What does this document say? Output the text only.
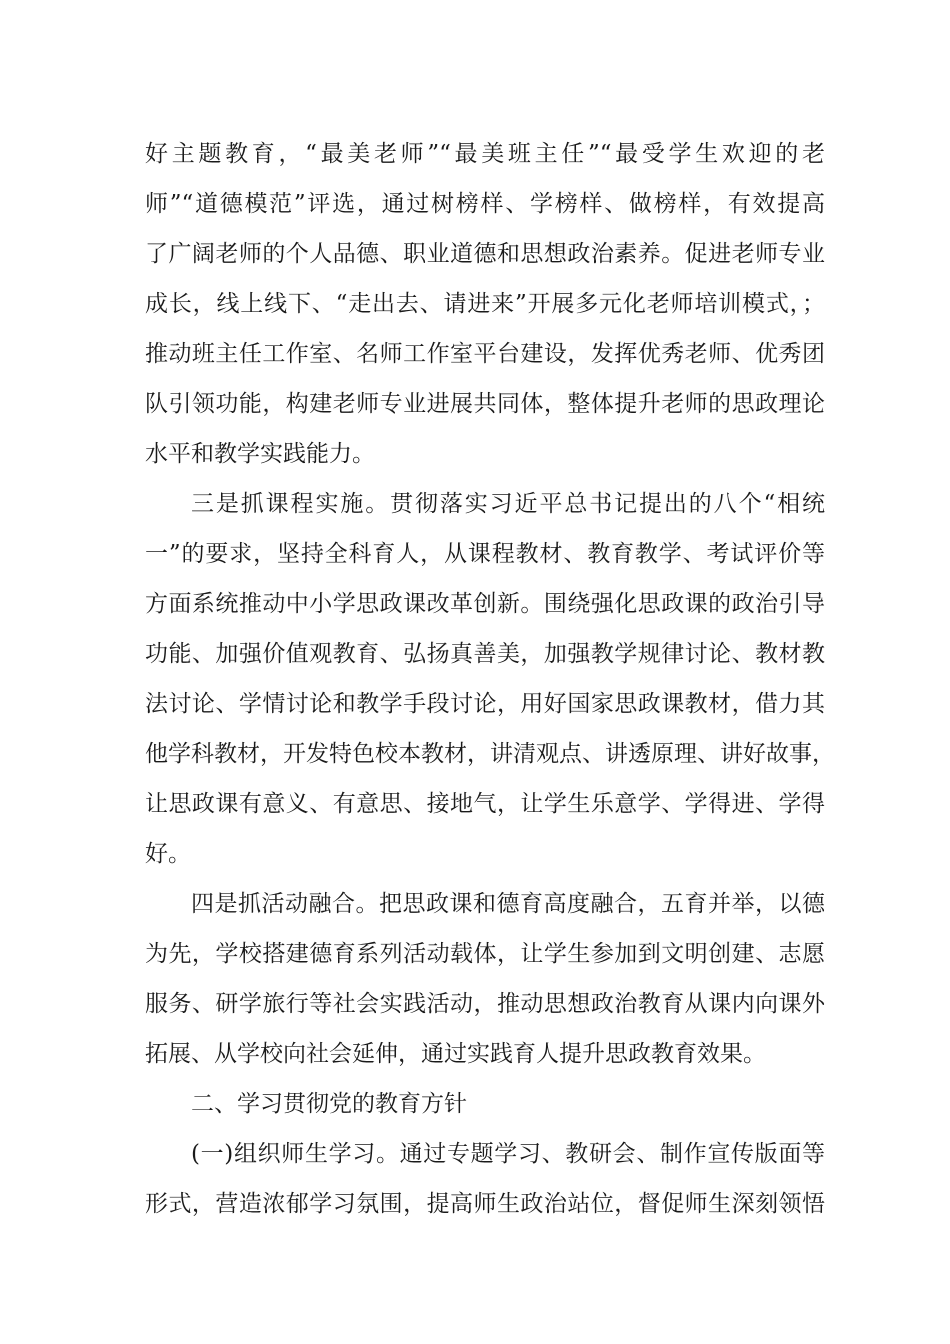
好主题教育，“最美老师”“最美班主任”“最受学生欢迎的老
师”“道德模范”评选，通过树榜样、学榜样、做榜样，有效提高
了广阔老师的个人品德、职业道德和思想政治素养。促进老师专业
成长，线上线下、“走出去、请进来”开展多元化老师培训模式，；
推动班主任工作室、名师工作室平台建设，发挥优秀老师、优秀团
队引领功能，构建老师专业进展共同体，整体提升老师的思政理论
水平和教学实践能力。
三是抓课程实施。贯彻落实习近平总书记提出的八个“相统
一”的要求，坚持全科育人，从课程教材、教育教学、考试评价等
方面系统推动中小学思政课改革创新。围绕强化思政课的政治引导
功能、加强价值观教育、弘扬真善美，加强教学规律讨论、教材教
法讨论、学情讨论和教学手段讨论，用好国家思政课教材，借力其
他学科教材，开发特色校本教材，讲清观点、讲透原理、讲好故事，
让思政课有意义、有意思、接地气，让学生乐意学、学得进、学得
好。
四是抓活动融合。把思政课和德育高度融合，五育并举，以德
为先，学校搭建德育系列活动载体，让学生参加到文明创建、志愿
服务、研学旅行等社会实践活动，推动思想政治教育从课内向课外
拓展、从学校向社会延伸，通过实践育人提升思政教育效果。
二、学习贯彻党的教育方针
(一)组织师生学习。通过专题学习、教研会、制作宣传版面等
形式，营造浓郁学习氛围，提高师生政治站位，督促师生深刻领悟
